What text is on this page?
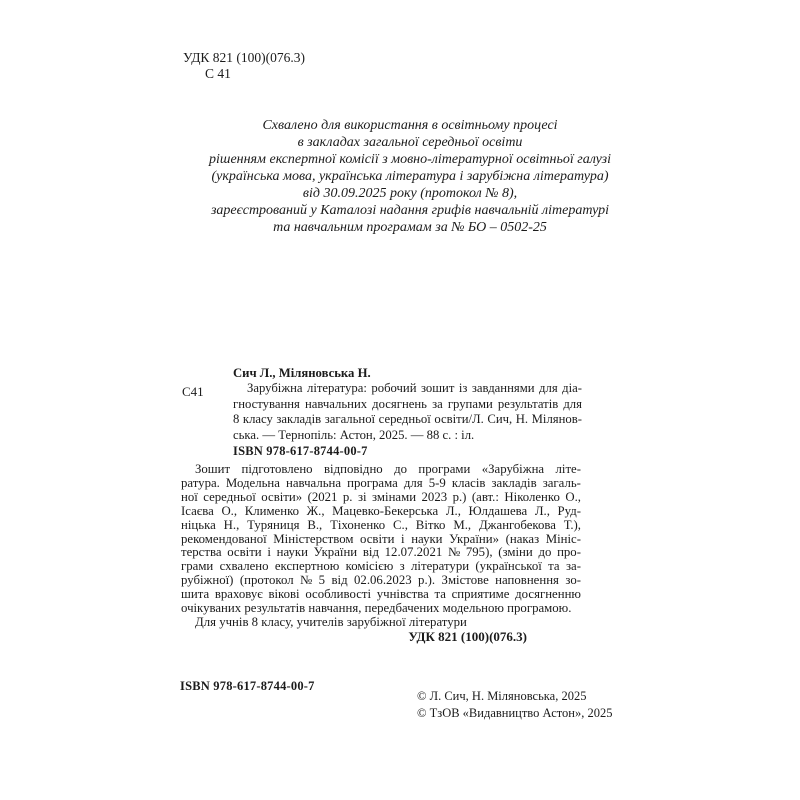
УДК 821 (100)(076.3)
С 41
Схвалено для використання в освітньому процесі
в закладах загальної середньої освіти
рішенням експертної комісії з мовно-літературної освітньої галузі
(українська мова, українська література і зарубіжна література)
від 30.09.2025 року (протокол № 8),
зареєстрований у Каталозі надання грифів навчальній літературі
та навчальним програмам за № БО – 0502-25
С41
Сич Л., Міляновська Н.
Зарубіжна література: робочий зошит із завданнями для діа-
гностування навчальних досягнень за групами результатів для
8 класу закладів загальної середньої освіти/Л. Сич, Н. Мілянов-
ська. — Тернопіль: Астон, 2025. — 88 с. : іл.
ISBN 978-617-8744-00-7
Зошит підготовлено відповідно до програми «Зарубіжна літе-
ратура. Модельна навчальна програма для 5-9 класів закладів загаль-
ної середньої освіти» (2021 р. зі змінами 2023 р.) (авт.: Ніколенко О.,
Ісаєва О., Клименко Ж., Мацевко-Бекерська Л., Юлдашева Л., Руд-
ніцька Н., Туряниця В., Тіхоненко С., Вітко М., Джангобекова Т.),
рекомендованої Міністерством освіти і науки України» (наказ Мініс-
терства освіти і науки України від 12.07.2021 № 795), (зміни до про-
грами схвалено експертною комісією з літератури (української та за-
рубіжної) (протокол № 5 від 02.06.2023 р.). Змістове наповнення зо-
шита враховує вікові особливості учнівства та сприятиме досягненню
очікуваних результатів навчання, передбачених модельною програмою.
Для учнів 8 класу, учителів зарубіжної літератури
УДК 821 (100)(076.3)
ISBN 978-617-8744-00-7
© Л. Сич, Н. Міляновська, 2025
© ТзОВ «Видавництво Астон», 2025
